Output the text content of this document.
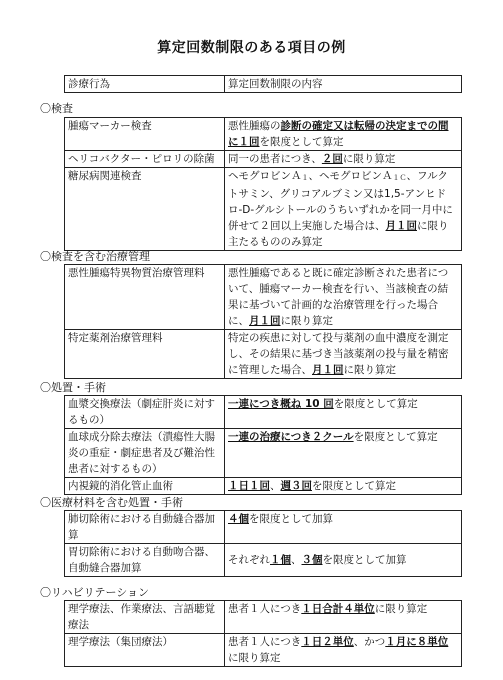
算定回数制限のある項目の例
診療行為	算定回数制限の内容
〇検査
腫瘍マーカー検査	悪性腫瘍の診断の確定又は転帰の決定までの間に１回を限度として算定
ヘリコバクター・ピロリの除菌	同一の患者につき、２回に限り算定
糖尿病関連検査	ヘモグロビンＡ１、ヘモグロビンＡ１Ｃ、フルクトサミン、グリコアルブミン又は1,5-アンヒドロ-D-グルシトールのうちいずれかを同一月中に併せて２回以上実施した場合は、月１回に限り主たるもののみ算定
〇検査を含む治療管理
悪性腫瘍特異物質治療管理料	悪性腫瘍であると既に確定診断された患者について、腫瘍マーカー検査を行い、当該検査の結果に基づいて計画的な治療管理を行った場合に、月１回に限り算定
特定薬剤治療管理料	特定の疾患に対して投与薬剤の血中濃度を測定し、その結果に基づき当該薬剤の投与量を精密に管理した場合、月１回に限り算定
〇処置・手術
血漿交換療法（劇症肝炎に対するもの）	一連につき概ね 10 回を限度として算定
血球成分除去療法（潰瘍性大腸炎の重症・劇症患者及び難治性患者に対するもの）	一連の治療につき２クールを限度として算定
内視鏡的消化管止血術	１日１回、週３回を限度として算定
〇医療材料を含む処置・手術
肺切除術における自動縫合器加算	４個を限度として加算
胃切除術における自動吻合器、自動縫合器加算	それぞれ１個、３個を限度として加算
〇リハビリテーション
理学療法、作業療法、言語聴覚療法	患者１人につき１日合計４単位に限り算定
理学療法（集団療法）	患者１人につき１日２単位、かつ１月に８単位に限り算定
